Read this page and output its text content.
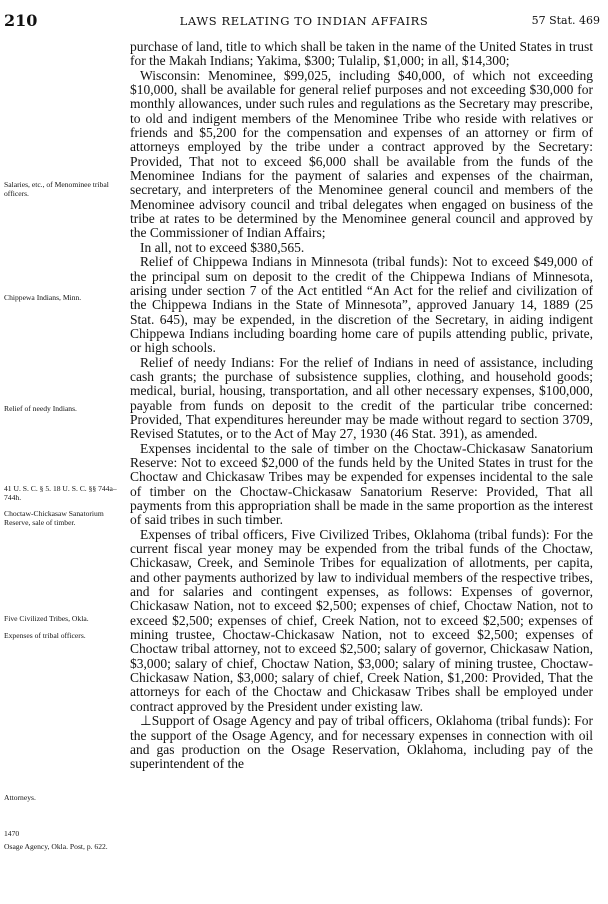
210	LAWS RELATING TO INDIAN AFFAIRS	57 Stat. 469
Salaries, etc., of Menominee tribal officers.
Chippewa Indians, Minn.
Relief of needy Indians.
41 U. S. C. § 5. 18 U. S. C. §§ 744a–744h.
Choctaw-Chickasaw Sanatorium Reserve, sale of timber.
Five Civilized Tribes, Okla.
Expenses of tribal officers.
Attorneys.
1470
Osage Agency, Okla. Post, p. 622.

purchase of land, title to which shall be taken in the name of the United States in trust for the Makah Indians; Yakima, $300; Tulalip, $1,000; in all, $14,300;

Wisconsin: Menominee, $99,025, including $40,000, of which not exceeding $10,000, shall be available for general relief purposes and not exceeding $30,000 for monthly allowances, under such rules and regulations as the Secretary may prescribe, to old and indigent members of the Menominee Tribe who reside with relatives or friends and $5,200 for the compensation and expenses of an attorney or firm of attorneys employed by the tribe under a contract approved by the Secretary: Provided, That not to exceed $6,000 shall be available from the funds of the Menominee Indians for the payment of salaries and expenses of the chairman, secretary, and interpreters of the Menominee general council and members of the Menominee advisory council and tribal delegates when engaged on business of the tribe at rates to be determined by the Menominee general council and approved by the Commissioner of Indian Affairs;

In all, not to exceed $380,565.

Relief of Chippewa Indians in Minnesota (tribal funds): Not to exceed $49,000 of the principal sum on deposit to the credit of the Chippewa Indians of Minnesota, arising under section 7 of the Act entitled “An Act for the relief and civilization of the Chippewa Indians in the State of Minnesota”, approved January 14, 1889 (25 Stat. 645), may be expended, in the discretion of the Secretary, in aiding indigent Chippewa Indians including boarding home care of pupils attending public, private, or high schools.

Relief of needy Indians: For the relief of Indians in need of assistance, including cash grants; the purchase of subsistence supplies, clothing, and household goods; medical, burial, housing, transportation, and all other necessary expenses, $100,000, payable from funds on deposit to the credit of the particular tribe concerned: Provided, That expenditures hereunder may be made without regard to section 3709, Revised Statutes, or to the Act of May 27, 1930 (46 Stat. 391), as amended.

Expenses incidental to the sale of timber on the Choctaw-Chickasaw Sanatorium Reserve: Not to exceed $2,000 of the funds held by the United States in trust for the Choctaw and Chickasaw Tribes may be expended for expenses incidental to the sale of timber on the Choctaw-Chickasaw Sanatorium Reserve: Provided, That all payments from this appropriation shall be made in the same proportion as the interest of said tribes in such timber.

Expenses of tribal officers, Five Civilized Tribes, Oklahoma (tribal funds): For the current fiscal year money may be expended from the tribal funds of the Choctaw, Chickasaw, Creek, and Seminole Tribes for equalization of allotments, per capita, and other payments authorized by law to individual members of the respective tribes, and for salaries and contingent expenses, as follows: Expenses of governor, Chickasaw Nation, not to exceed $2,500; expenses of chief, Choctaw Nation, not to exceed $2,500; expenses of chief, Creek Nation, not to exceed $2,500; expenses of mining trustee, Choctaw-Chickasaw Nation, not to exceed $2,500; expenses of Choctaw tribal attorney, not to exceed $2,500; salary of governor, Chickasaw Nation, $3,000; salary of chief, Choctaw Nation, $3,000; salary of mining trustee, Choctaw-Chickasaw Nation, $3,000; salary of chief, Creek Nation, $1,200: Provided, That the attorneys for each of the Choctaw and Chickasaw Tribes shall be employed under contract approved by the President under existing law.

⊥Support of Osage Agency and pay of tribal officers, Oklahoma (tribal funds): For the support of the Osage Agency, and for necessary expenses in connection with oil and gas production on the Osage Reservation, Oklahoma, including pay of the superintendent of the
